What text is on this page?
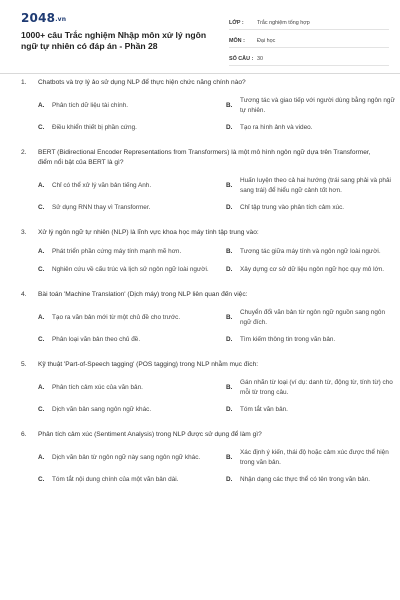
2048.vn
1000+ câu Trắc nghiệm Nhập môn xử lý ngôn ngữ tự nhiên có đáp án - Phần 28
LỚP :	Trắc nghiệm tổng hợp
MÔN :	Đại học
SỐ CÂU : 30
1.	Chatbots và trợ lý ảo sử dụng NLP để thực hiện chức năng chính nào?
A.	Phân tích dữ liệu tài chính.	B.
Tương tác và giao tiếp với người dùng bằng ngôn ngữ tự nhiên.
C.	Điều khiển thiết bị phần cứng.	D.	Tạo ra hình ảnh và video.
2.	BERT (Bidirectional Encoder Representations from Transformers) là một mô hình ngôn ngữ dựa trên Transformer, điểm nổi bật của BERT là gì?
A.	Chỉ có thể xử lý văn bản tiếng Anh.	B.
Huấn luyện theo cả hai hướng (trái sang phải và phải sang trái) để hiểu ngữ cảnh tốt hơn.
C.	Sử dụng RNN thay vì Transformer.	D.	Chỉ tập trung vào phân tích cảm xúc.
3.	Xử lý ngôn ngữ tự nhiên (NLP) là lĩnh vực khoa học máy tính tập trung vào:
A.	Phát triển phần cứng máy tính mạnh mẽ hơn.	B.	Tương tác giữa máy tính và ngôn ngữ loài người.
C.	Nghiên cứu về cấu trúc và lịch sử ngôn ngữ loài người.	D.	Xây dựng cơ sở dữ liệu ngôn ngữ học quy mô lớn.
4.	Bài toán 'Machine Translation' (Dịch máy) trong NLP liên quan đến việc:
A.	Tạo ra văn bản mới từ một chủ đề cho trước.	B.
Chuyển đổi văn bản từ ngôn ngữ nguồn sang ngôn ngữ đích.
C.	Phân loại văn bản theo chủ đề.	D.	Tìm kiếm thông tin trong văn bản.
5.	Kỹ thuật 'Part-of-Speech tagging' (POS tagging) trong NLP nhằm mục đích:
A.	Phân tích cảm xúc của văn bản.	B.
Gán nhãn từ loại (ví dụ: danh từ, động từ, tính từ) cho mỗi từ trong câu.
C.	Dịch văn bản sang ngôn ngữ khác.	D.	Tóm tắt văn bản.
6.	Phân tích cảm xúc (Sentiment Analysis) trong NLP được sử dụng để làm gì?
A.	Dịch văn bản từ ngôn ngữ này sang ngôn ngữ khác.	B.
Xác định ý kiến, thái độ hoặc cảm xúc được thể hiện trong văn bản.
C.	Tóm tắt nội dung chính của một văn bản dài.	D.	Nhận dạng các thực thể có tên trong văn bản.
